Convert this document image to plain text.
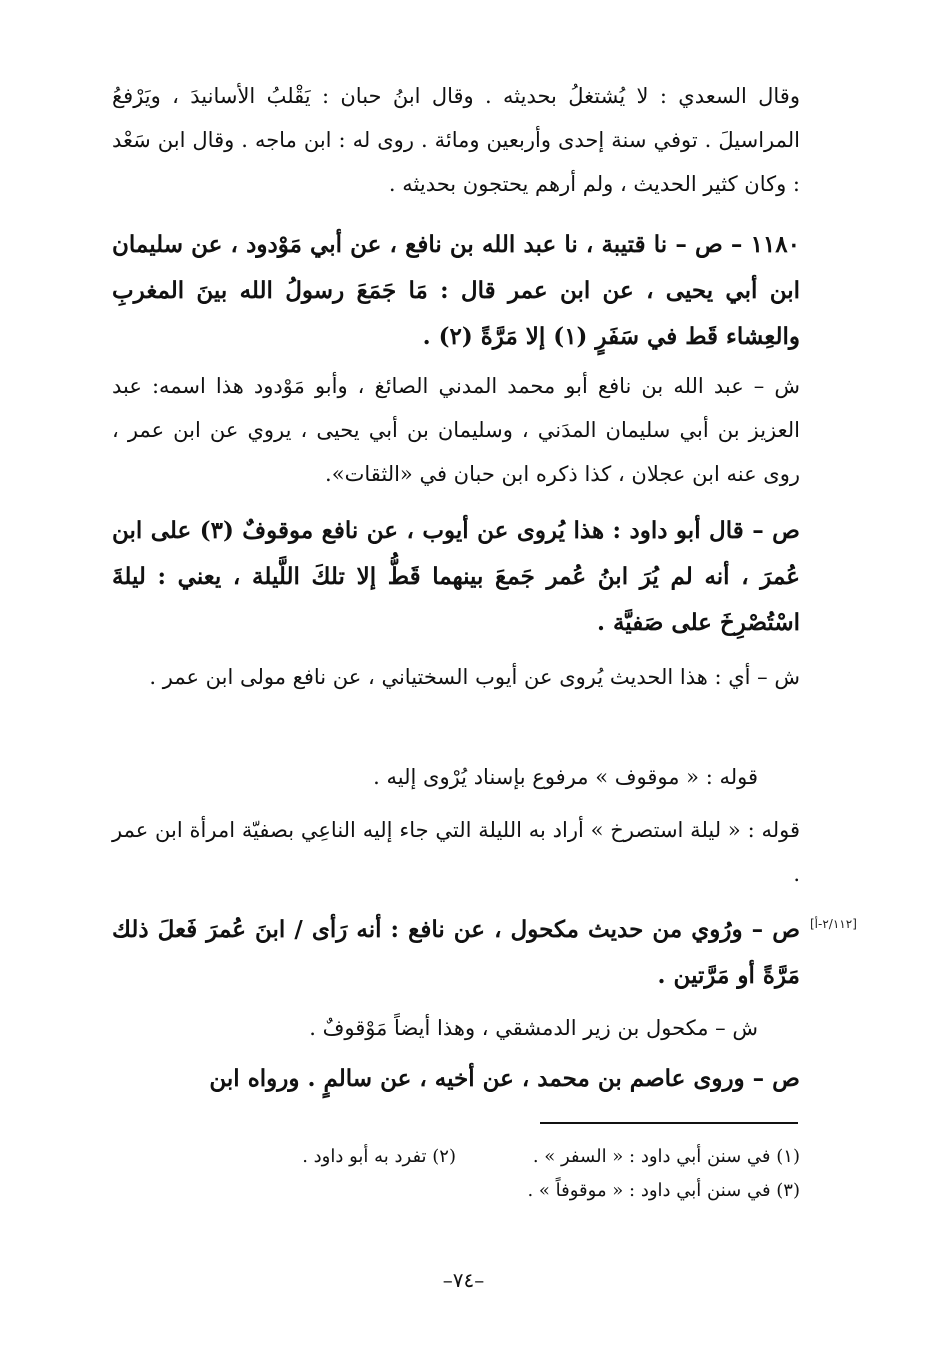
وقال السعدي : لا يُشتغلُ بحديثه . وقال ابنُ حبان : يَقْلبُ الأسانيدَ ، ويَرْفعُ المراسيلَ . توفي سنة إحدى وأربعين ومائة . روى له : ابن ماجه . وقال ابن سَعْد : وكان كثير الحديث ، ولم أرهم يحتجون بحديثه .

١١٨٠ – ص – نا قتيبة ، نا عبد الله بن نافع ، عن أبي مَوْدود ، عن سليمان ابن أبي يحيى ، عن ابن عمر قال : مَا جَمَعَ رسولُ الله بينَ المغربِ والعِشاء قَط في سَفَرٍ (١) إلا مَرَّةً (٢) .

ش – عبد الله بن نافع أبو محمد المدني الصائغ ، وأبو مَوْدود هذا اسمه: عبد العزيز بن أبي سليمان المدَني ، وسليمان بن أبي يحيى ، يروي عن ابن عمر ، روى عنه ابن عجلان ، كذا ذكره ابن حبان في «الثقات».

ص – قال أبو داود : هذا يُروى عن أيوب ، عن نافع موقوفٌ (٣) على ابن عُمرَ ، أنه لم يُرَ ابنُ عُمر جَمعَ بينهما قَطُّ إلا تلكَ اللَّيلة ، يعني : ليلةَ اسْتُصْرِخَ على صَفيَّة .

ش – أي : هذا الحديث يُروى عن أيوب السختياني ، عن نافع مولى ابن عمر .

قوله : « موقوف » مرفوع بإسناد يُرْوى إليه .

قوله : « ليلة استصرخ » أراد به الليلة التي جاء إليه الناعِي بصفيّة امرأة ابن عمر .

[٢/١١٢-أ]

ص – ورُوي من حديث مكحول ، عن نافع : أنه رَأى / ابنَ عُمرَ فَعلَ ذلك مَرَّةً أو مَرَّتين .

ش – مكحول بن زير الدمشقي ، وهذا أيضاً مَوْقوفٌ .

ص – وروى عاصم بن محمد ، عن أخيه ، عن سالمٍ . ورواه ابن

(١) في سنن أبي داود : « السفر » .
(٢) تفرد به أبو داود .
(٣) في سنن أبي داود : « موقوفاً » .
–٧٤–
